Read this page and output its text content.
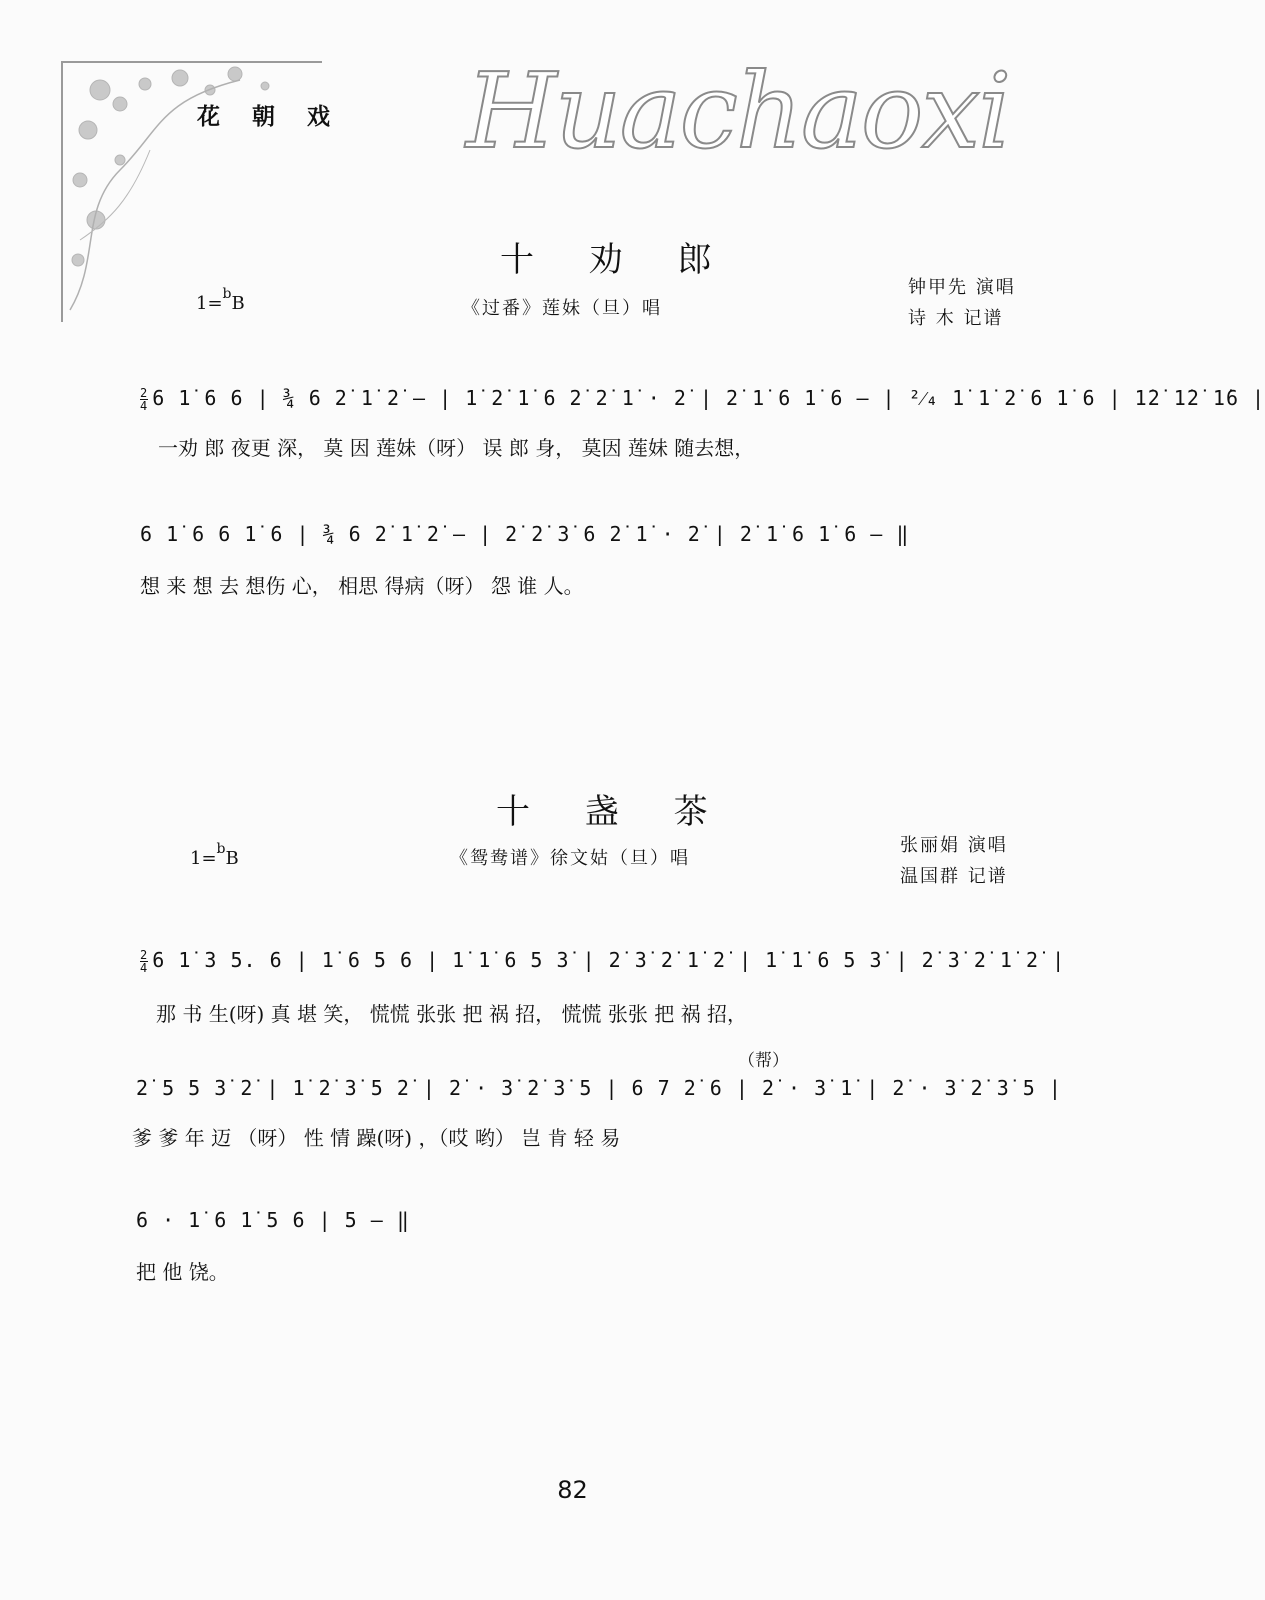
花 朝 戏 Huachaoxi
十 劝 郎
1=$^b$B	《过番》莲妹（旦）唱
钟甲先 演唱
诗 木 记谱
$\frac{2}{4} 6$ 1̇ 6 6 | ¾ 6 2̇ 1̇ 2̇ — | 1̇ 2̇ 1̇ 6 2̇ 2̇ 1̇ · 2̇ | 2̇ 1̇ 6 1̇ 6 — | ²⁄₄ 1̇ 1̇ 2̇ 6 1̇ 6 | 1̇2̇ 1̇2̇ 1̇6 |
一劝 郎 夜更 深， 莫 因 莲妹（呀） 误 郎 身， 莫因 莲妹 随去想，
6 1̇ 6 6 1̇ 6 | ¾ 6 2̇ 1̇ 2̇ — | 2̇ 2̇ 3̇ 6 2̇ 1̇ · 2̇ | 2̇ 1̇ 6 1̇ 6 — ‖
想 来 想 去 想伤 心， 相思 得病（呀） 怨 谁 人。
十 盏 茶
1=$^b$B	《鸳鸯谱》徐文姑（旦）唱
张丽娟 演唱
温国群 记谱
$\frac{2}{4} 6$ 1̇ 3 5. 6 | 1̇ 6 5 6 | 1̇ 1̇ 6 5 3̇ | 2̇ 3̇ 2̇ 1̇ 2̇ | 1̇ 1̇ 6 5 3̇ | 2̇ 3̇ 2̇ 1̇ 2̇ |
那 书 生(呀) 真 堪 笑， 慌慌 张张 把 祸 招， 慌慌 张张 把 祸 招，
（帮）
2̇ 5 5 3̇ 2̇ | 1̇ 2̇ 3̇ 5 2̇ | 2̇ · 3̇ 2̇ 3̇ 5 | 6 7 2̇ 6 | 2̇ · 3̇ 1̇ | 2̇ · 3̇ 2̇ 3̇ 5 |
爹 爹 年 迈 （呀） 性 情 躁(呀) ，（哎 哟） 岂 肯 轻 易
6 · 1̇ 6 1̇ 5 6 | 5 — ‖
把 他 饶。
82
